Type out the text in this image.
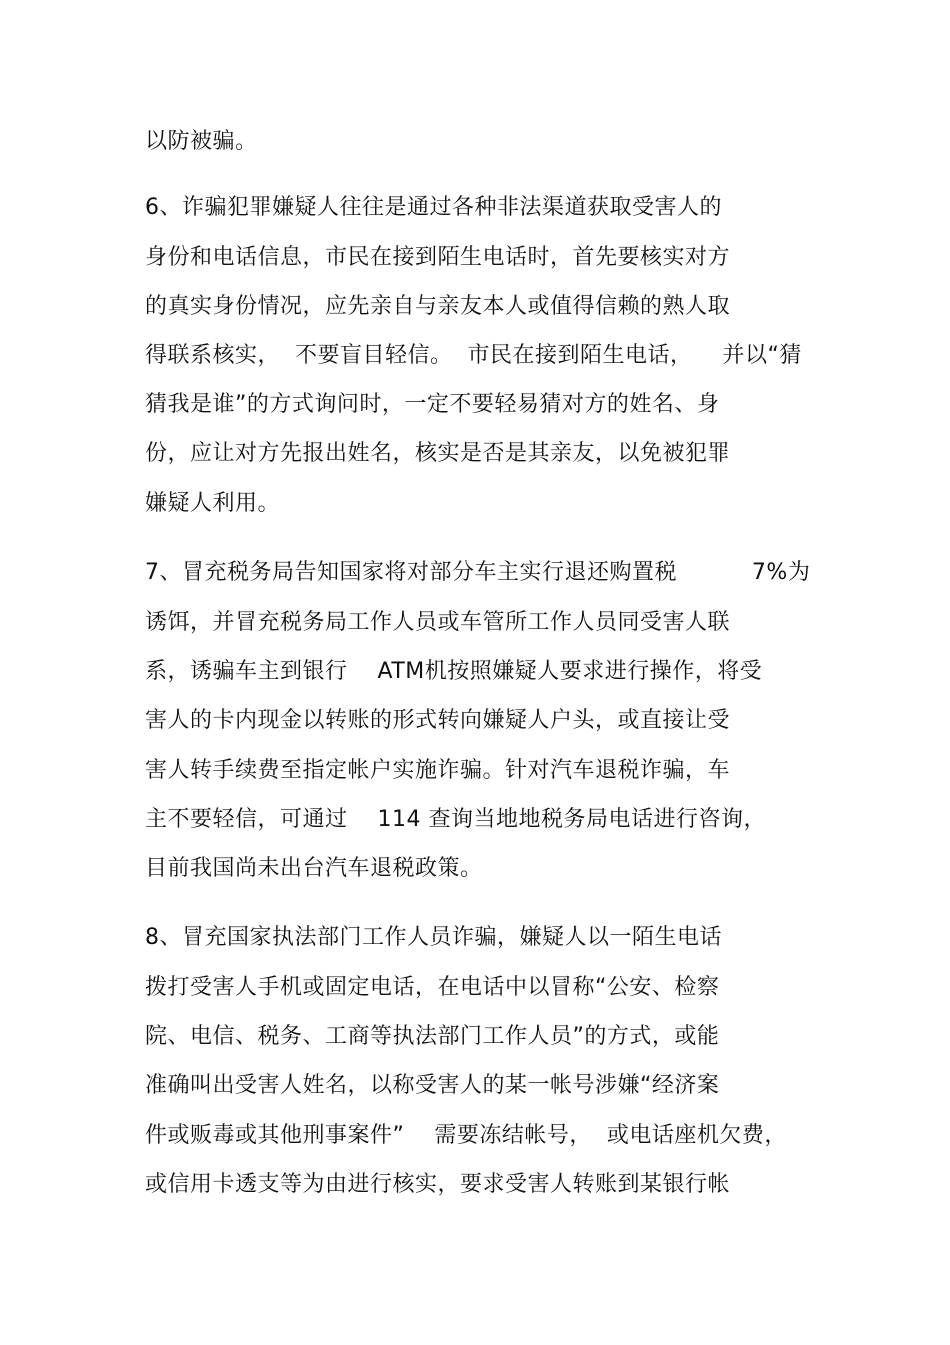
以防被骗。
6、诈骗犯罪嫌疑人往往是通过各种非法渠道获取受害人的
身份和电话信息，市民在接到陌生电话时，首先要核实对方
的真实身份情况，应先亲自与亲友本人或值得信赖的熟人取
得联系核实，  不要盲目轻信。  市民在接到陌生电话，    并以“猜
猜我是谁”的方式询问时，一定不要轻易猜对方的姓名、身
份，应让对方先报出姓名，核实是否是其亲友，以免被犯罪
嫌疑人利用。
7、冒充税务局告知国家将对部分车主实行退还购置税          7%为
诱饵，并冒充税务局工作人员或车管所工作人员同受害人联
系，诱骗车主到银行    ATM机按照嫌疑人要求进行操作，将受
害人的卡内现金以转账的形式转向嫌疑人户头，或直接让受
害人转手续费至指定帐户实施诈骗。针对汽车退税诈骗，车
主不要轻信，可通过    114 查询当地地税务局电话进行咨询，
目前我国尚未出台汽车退税政策。
8、冒充国家执法部门工作人员诈骗，嫌疑人以一陌生电话
拨打受害人手机或固定电话，在电话中以冒称“公安、检察
院、电信、税务、工商等执法部门工作人员”的方式，或能
准确叫出受害人姓名，以称受害人的某一帐号涉嫌“经济案
件或贩毒或其他刑事案件”    需要冻结帐号，  或电话座机欠费，
或信用卡透支等为由进行核实，要求受害人转账到某银行帐
